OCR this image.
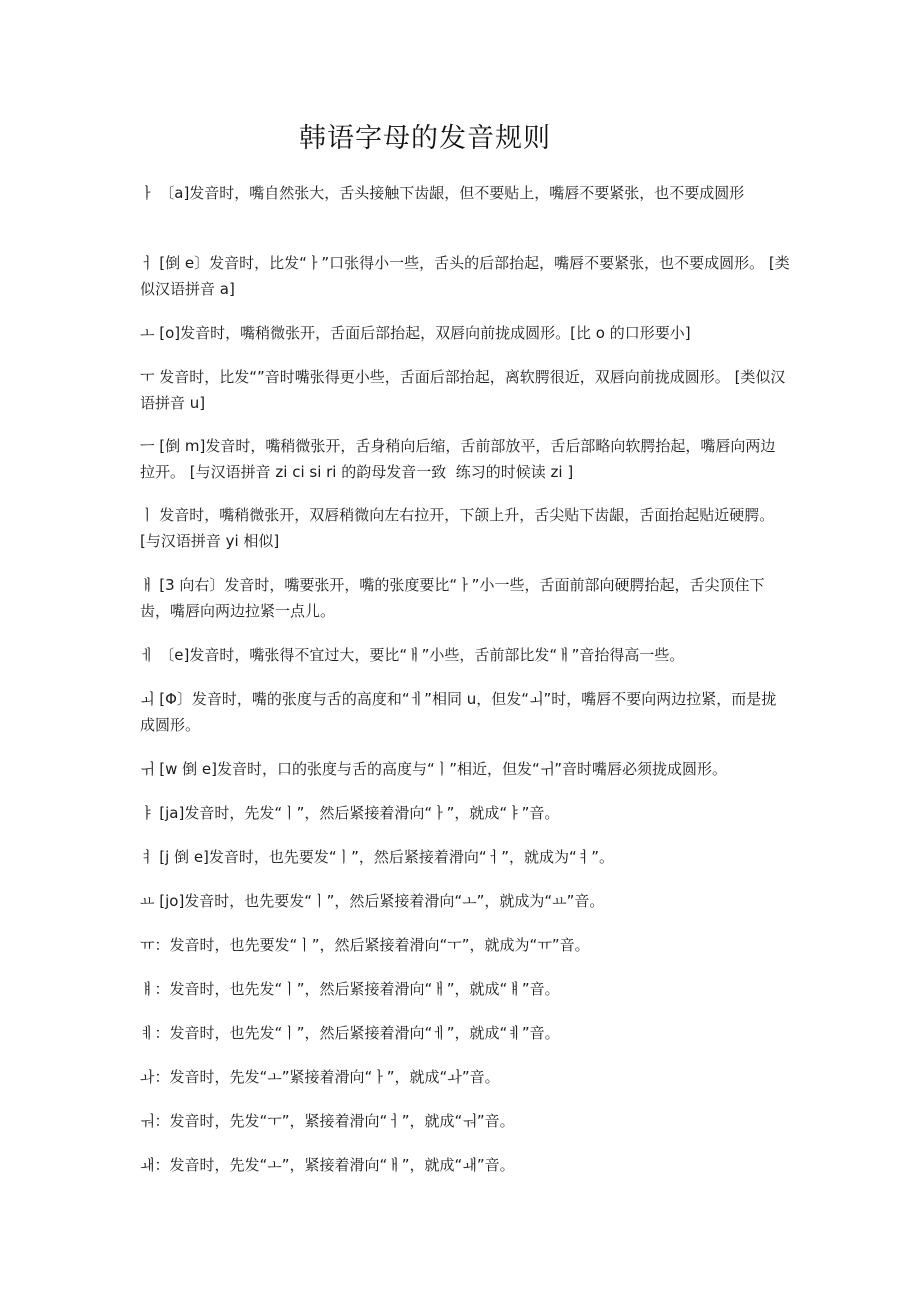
韩语字母的发音规则

ㅏ 〔a]发音时，嘴自然张大，舌头接触下齿龈，但不要贴上，嘴唇不要紧张，也不要成圆形

ㅓ [倒 e〕发音时，比发“ㅏ”口张得小一些，舌头的后部抬起，嘴唇不要紧张，也不要成圆形。 [类似汉语拼音 a]

ㅗ [o]发音时，嘴稍微张开，舌面后部抬起，双唇向前拢成圆形。[比 o 的口形要小]

ㅜ 发音时，比发“”音时嘴张得更小些，舌面后部抬起，离软腭很近，双唇向前拢成圆形。 [类似汉语拼音 u]

ㅡ [倒 m]发音时，嘴稍微张开，舌身稍向后缩，舌前部放平，舌后部略向软腭抬起，嘴唇向两边拉开。 [与汉语拼音 zi ci si ri 的韵母发音一致  练习的时候读 zi ]

ㅣ 发音时，嘴稍微张开，双唇稍微向左右拉开，下颌上升，舌尖贴下齿龈，舌面抬起贴近硬腭。 [与汉语拼音 yi 相似]

ㅐ [3 向右〕发音时，嘴要张开，嘴的张度要比“ㅏ”小一些，舌面前部向硬腭抬起，舌尖顶住下齿，嘴唇向两边拉紧一点儿。

ㅔ 〔e]发音时，嘴张得不宜过大，要比“ㅐ”小些，舌前部比发“ㅐ”音抬得高一些。

ㅚ [Φ〕发音时，嘴的张度与舌的高度和“ㅔ”相同 u，但发“ㅚ”时，嘴唇不要向两边拉紧，而是拢成圆形。

ㅟ [w 倒 e]发音时，口的张度与舌的高度与“ㅣ”相近，但发“ㅟ”音时嘴唇必须拢成圆形。

ㅑ [ja]发音时，先发“ㅣ”，然后紧接着滑向“ㅏ”，就成“ㅑ”音。

ㅕ [j 倒 e]发音时，也先要发“ㅣ”，然后紧接着滑向“ㅓ”，就成为“ㅕ”。

ㅛ [jo]发音时，也先要发“ㅣ”，然后紧接着滑向“ㅗ”，就成为“ㅛ”音。

ㅠ：发音时，也先要发“ㅣ”，然后紧接着滑向“ㅜ”，就成为“ㅠ”音。

ㅒ：发音时，也先发“ㅣ”，然后紧接着滑向“ㅐ”，就成“ㅒ”音。

ㅖ：发音时，也先发“ㅣ”，然后紧接着滑向“ㅔ”，就成“ㅖ”音。

ㅘ：发音时，先发“ㅗ”紧接着滑向“ㅏ”，就成“ㅘ”音。

ㅝ：发音时，先发“ㅜ”，紧接着滑向“ㅓ”，就成“ㅝ”音。

ㅙ：发音时，先发“ㅗ”，紧接着滑向“ㅐ”，就成“ㅙ”音。
